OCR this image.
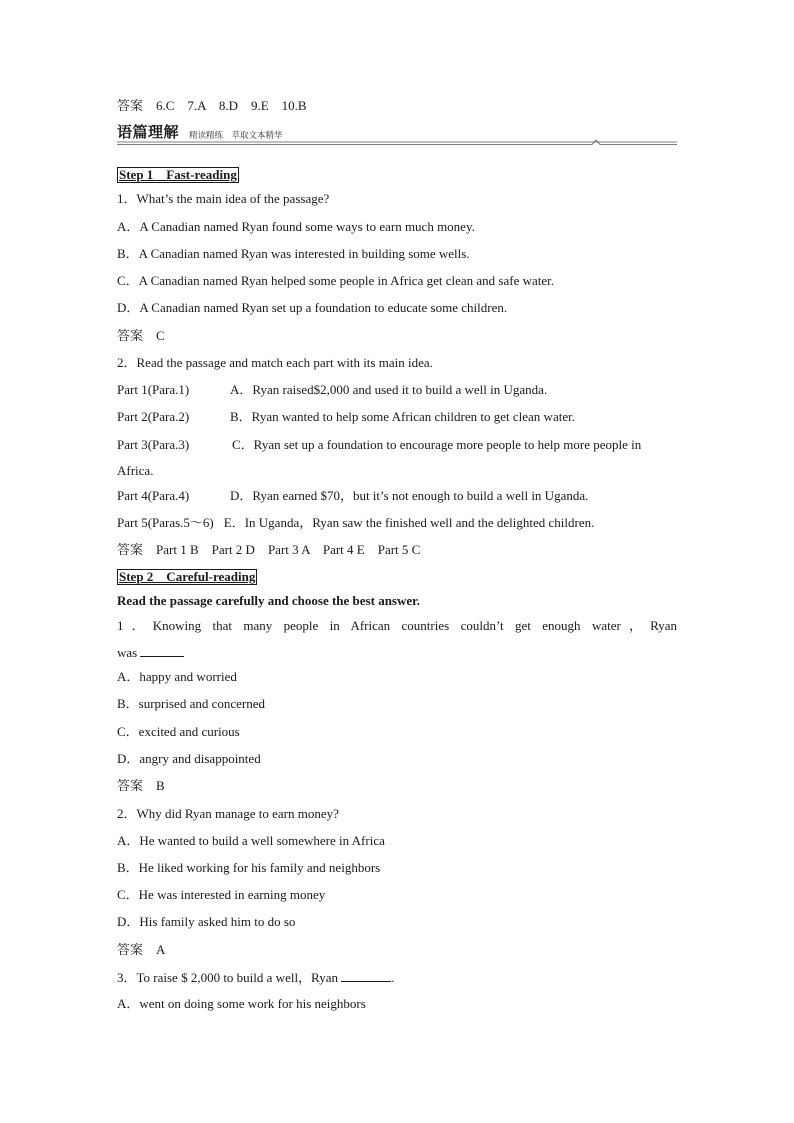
答案　6.C　7.A　8.D　9.E　10.B
语篇理解 精读精练　萃取文本精华
Step 1　Fast-reading
1．What’s the main idea of the passage?
A．A Canadian named Ryan found some ways to earn much money.
B．A Canadian named Ryan was interested in building some wells.
C．A Canadian named Ryan helped some people in Africa get clean and safe water.
D．A Canadian named Ryan set up a foundation to educate some children.
答案　C
2．Read the passage and match each part with its main idea.
Part 1(Para.1)	A．Ryan raised$2,000 and used it to build a well in Uganda.
Part 2(Para.2)	B．Ryan wanted to help some African children to get clean water.
Part 3(Para.3)	C．Ryan set up a foundation to encourage more people to help more people in
Africa.
Part 4(Para.4)	D．Ryan earned $70，but it’s not enough to build a well in Uganda.
Part 5(Paras.5～6) E．In Uganda，Ryan saw the finished well and the delighted children.
答案　Part 1 B　Part 2 D　Part 3 A　Part 4 E　Part 5 C
Step 2　Careful-reading
Read the passage carefully and choose the best answer.
1．Knowing that many people in African countries couldn’t get enough water，Ryan
was
A．happy and worried
B．surprised and concerned
C．excited and curious
D．angry and disappointed
答案　B
2．Why did Ryan manage to earn money?
A．He wanted to build a well somewhere in Africa
B．He liked working for his family and neighbors
C．He was interested in earning money
D．His family asked him to do so
答案　A
3．To raise $ 2,000 to build a well，Ryan	.
A．went on doing some work for his neighbors
